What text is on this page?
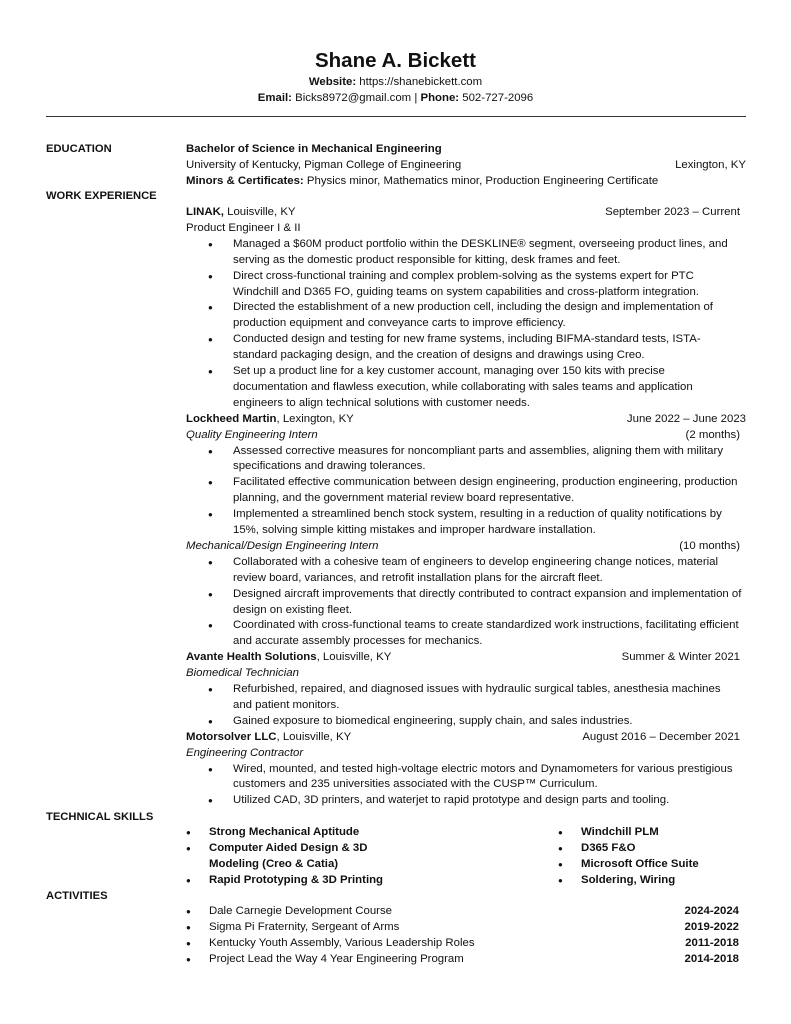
Shane A. Bickett
Website: https://shanebickett.com
Email: Bicks8972@gmail.com | Phone: 502-727-2096
EDUCATION	Bachelor of Science in Mechanical Engineering
University of Kentucky, Pigman College of Engineering	Lexington, KY
Minors & Certificates: Physics minor, Mathematics minor, Production Engineering Certificate
WORK EXPERIENCE
LINAK, Louisville, KY	September 2023 – Current
Product Engineer I & II
● Managed a $60M product portfolio within the DESKLINE® segment, overseeing product lines, and serving as the domestic product responsible for kitting, desk frames and feet.
● Direct cross-functional training and complex problem-solving as the systems expert for PTC Windchill and D365 FO, guiding teams on system capabilities and cross-platform integration.
● Directed the establishment of a new production cell, including the design and implementation of production equipment and conveyance carts to improve efficiency.
● Conducted design and testing for new frame systems, including BIFMA-standard tests, ISTA-standard packaging design, and the creation of designs and drawings using Creo.
● Set up a product line for a key customer account, managing over 150 kits with precise documentation and flawless execution, while collaborating with sales teams and application engineers to align technical solutions with customer needs.
Lockheed Martin, Lexington, KY	June 2022 – June 2023
Quality Engineering Intern	(2 months)
● Assessed corrective measures for noncompliant parts and assemblies, aligning them with military specifications and drawing tolerances.
● Facilitated effective communication between design engineering, production engineering, production planning, and the government material review board representative.
● Implemented a streamlined bench stock system, resulting in a reduction of quality notifications by 15%, solving simple kitting mistakes and improper hardware installation.
Mechanical/Design Engineering Intern	(10 months)
● Collaborated with a cohesive team of engineers to develop engineering change notices, material review board, variances, and retrofit installation plans for the aircraft fleet.
● Designed aircraft improvements that directly contributed to contract expansion and implementation of design on existing fleet.
● Coordinated with cross-functional teams to create standardized work instructions, facilitating efficient and accurate assembly processes for mechanics.
Avante Health Solutions, Louisville, KY	Summer & Winter 2021
Biomedical Technician
● Refurbished, repaired, and diagnosed issues with hydraulic surgical tables, anesthesia machines and patient monitors.
● Gained exposure to biomedical engineering, supply chain, and sales industries.
Motorsolver LLC, Louisville, KY	August 2016 – December 2021
Engineering Contractor
● Wired, mounted, and tested high-voltage electric motors and Dynamometers for various prestigious customers and 235 universities associated with the CUSP™ Curriculum.
● Utilized CAD, 3D printers, and waterjet to rapid prototype and design parts and tooling.
TECHNICAL SKILLS
● Strong Mechanical Aptitude
● Computer Aided Design & 3D Modeling (Creo & Catia)
● Rapid Prototyping & 3D Printing
● Windchill PLM
● D365 F&O
● Microsoft Office Suite
● Soldering, Wiring
ACTIVITIES
● Dale Carnegie Development Course	2024-2024
● Sigma Pi Fraternity, Sergeant of Arms	2019-2022
● Kentucky Youth Assembly, Various Leadership Roles	2011-2018
● Project Lead the Way 4 Year Engineering Program	2014-2018
